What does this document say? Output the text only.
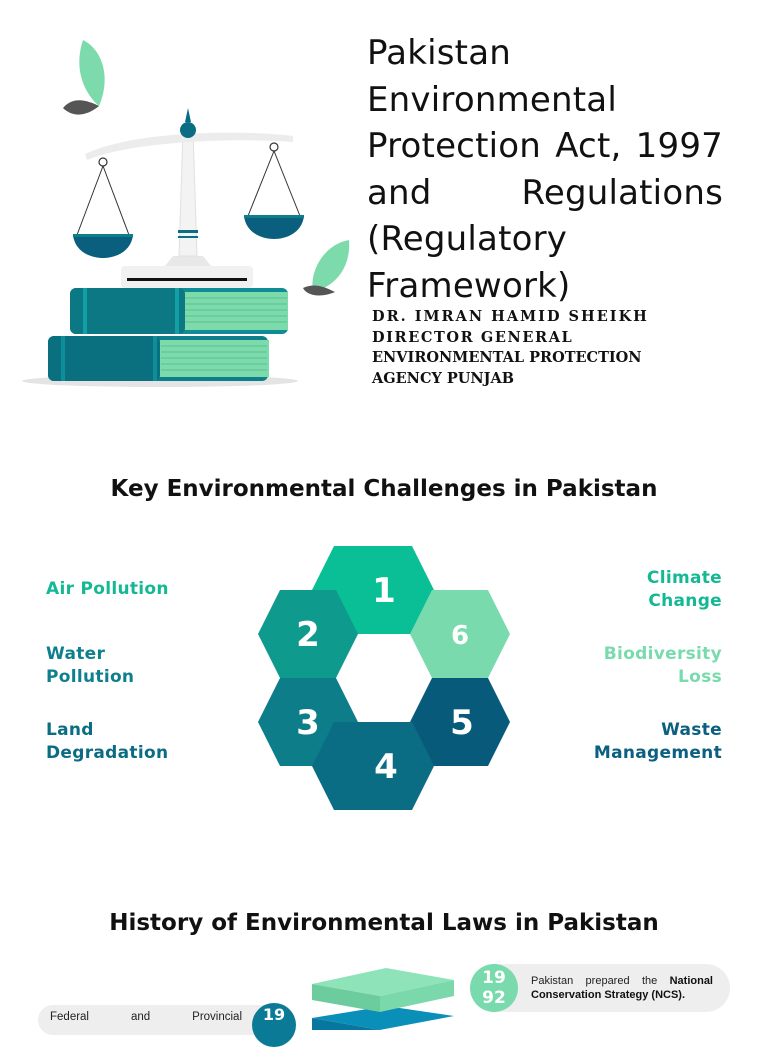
Pakistan Environmental Protection Act, 1997 and Regulations (Regulatory Framework)
DR. IMRAN HAMID SHEIKH
DIRECTOR GENERAL
ENVIRONMENTAL PROTECTION AGENCY PUNJAB
Key Environmental Challenges in Pakistan
Air Pollution
Water Pollution
Land Degradation
Climate Change
Biodiversity Loss
Waste Management
1
2	6
3	5
4
History of Environmental Laws in Pakistan
19
92
Pakistan prepared the National Conservation Strategy (NCS).
Federal and Provincial	19
